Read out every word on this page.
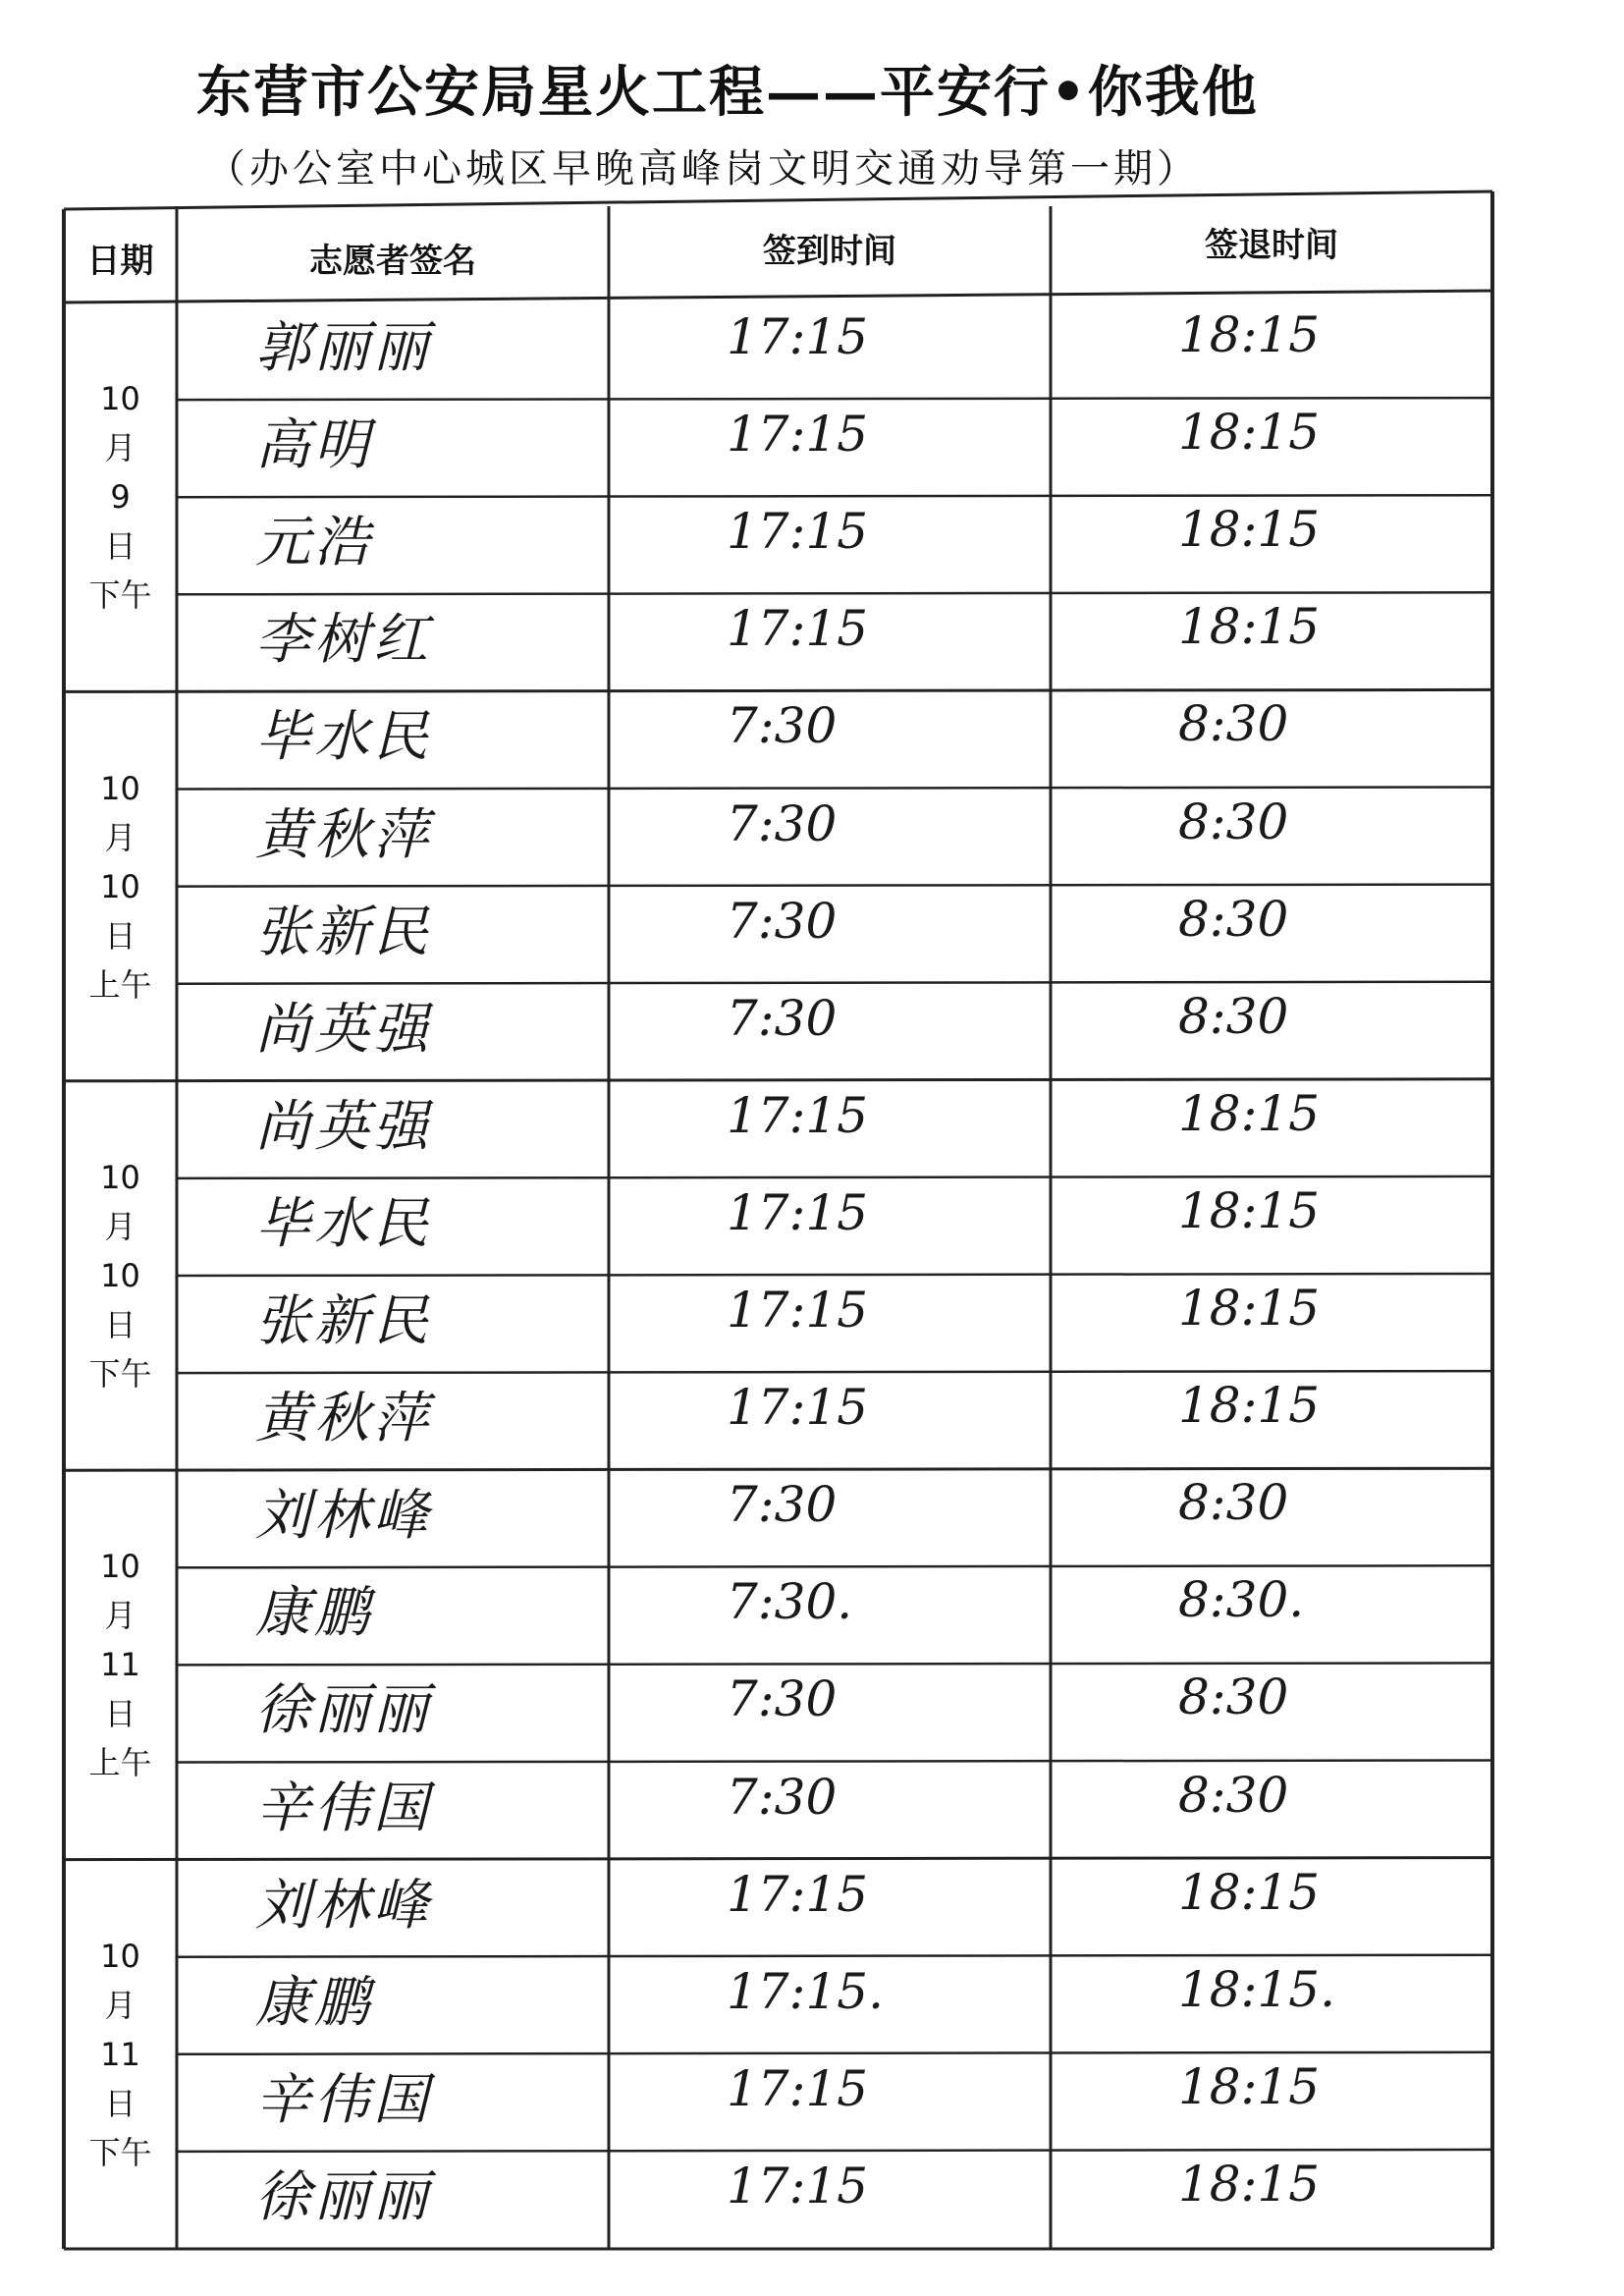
东营市公安局星火工程——平安行•你我他
（办公室中心城区早晚高峰岗文明交通劝导第一期）
日期	志愿者签名	签到时间	签退时间
10
月
9
日
下午
郭丽丽	17:15	18:15
高明	17:15	18:15
元浩	17:15	18:15
李树红	17:15	18:15
10
月
10
日
上午
毕水民	7:30	8:30
黄秋萍	7:30	8:30
张新民	7:30	8:30
尚英强	7:30	8:30
10
月
10
日
下午
尚英强	17:15	18:15
毕水民	17:15	18:15
张新民	17:15	18:15
黄秋萍	17:15	18:15
10
月
11
日
上午
刘林峰	7:30	8:30
康鹏	7:30.	8:30.
徐丽丽	7:30	8:30
辛伟国	7:30	8:30
10
月
11
日
下午
刘林峰	17:15	18:15
康鹏	17:15.	18:15.
辛伟国	17:15	18:15
徐丽丽	17:15	18:15
